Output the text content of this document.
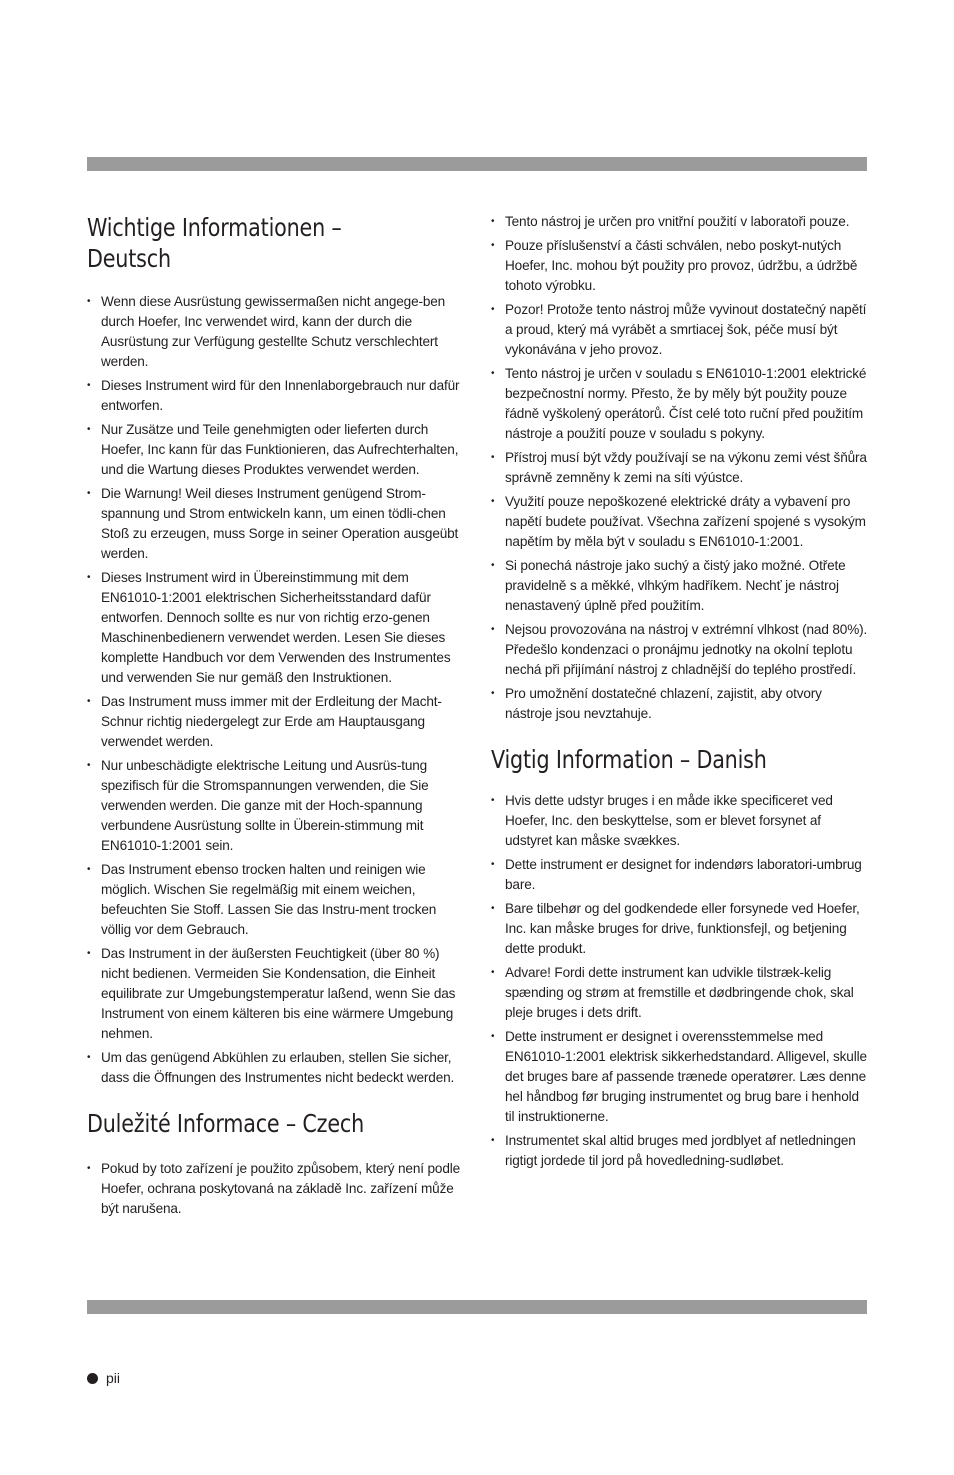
Wichtige Informationen –
Deutsch
• Wenn diese Ausrüstung gewissermaßen nicht angege-ben durch Hoefer, Inc verwendet wird, kann der durch die Ausrüstung zur Verfügung gestellte Schutz verschlechtert werden.
• Dieses Instrument wird für den Innenlaborgebrauch nur dafür entworfen.
• Nur Zusätze und Teile genehmigten oder lieferten durch Hoefer, Inc kann für das Funktionieren, das Aufrechterhalten, und die Wartung dieses Produktes verwendet werden.
• Die Warnung! Weil dieses Instrument genügend Strom-spannung und Strom entwickeln kann, um einen tödli-chen Stoß zu erzeugen, muss Sorge in seiner Operation ausgeübt werden.
• Dieses Instrument wird in Übereinstimmung mit dem EN61010-1:2001 elektrischen Sicherheitsstandard dafür entworfen. Dennoch sollte es nur von richtig erzo-genen Maschinenbedienern verwendet werden. Lesen Sie dieses komplette Handbuch vor dem Verwenden des Instrumentes und verwenden Sie nur gemäß den Instruktionen.
• Das Instrument muss immer mit der Erdleitung der Macht-Schnur richtig niedergelegt zur Erde am Hauptausgang verwendet werden.
• Nur unbeschädigte elektrische Leitung und Ausrüs-tung spezifisch für die Stromspannungen verwenden, die Sie verwenden werden. Die ganze mit der Hoch-spannung verbundene Ausrüstung sollte in Überein-stimmung mit EN61010-1:2001 sein.
• Das Instrument ebenso trocken halten und reinigen wie möglich. Wischen Sie regelmäßig mit einem weichen, befeuchten Sie Stoff. Lassen Sie das Instru-ment trocken völlig vor dem Gebrauch.
• Das Instrument in der äußersten Feuchtigkeit (über 80 %) nicht bedienen. Vermeiden Sie Kondensation, die Einheit equilibrate zur Umgebungstemperatur laßend, wenn Sie das Instrument von einem kälteren bis eine wärmere Umgebung nehmen.
• Um das genügend Abkühlen zu erlauben, stellen Sie sicher, dass die Öffnungen des Instrumentes nicht bedeckt werden.
Duležité Informace – Czech
• Pokud by toto zařízení je použito způsobem, který není podle Hoefer, ochrana poskytovaná na základě Inc. zařízení může být narušena.
• Tento nástroj je určen pro vnitřní použití v laboratoři pouze.
• Pouze příslušenství a části schválen, nebo poskyt-nutých Hoefer, Inc. mohou být použity pro provoz, údržbu, a údržbě tohoto výrobku.
• Pozor! Protože tento nástroj může vyvinout dostatečný napětí a proud, který má vyrábět a smrtiacej šok, péče musí být vykonávána v jeho provoz.
• Tento nástroj je určen v souladu s EN61010-1:2001 elektrické bezpečnostní normy. Přesto, že by měly být použity pouze řádně vyškolený operátorů. Číst celé toto ruční před použitím nástroje a použití pouze v souladu s pokyny.
• Přístroj musí být vždy používají se na výkonu zemi vést šňůra správně zemněny k zemi na síti výústce.
• Využití pouze nepoškozené elektrické dráty a vybavení pro napětí budete používat. Všechna zařízení spojené s vysokým napětím by měla být v souladu s EN61010-1:2001.
• Si ponechá nástroje jako suchý a čistý jako možné. Otřete pravidelně s a měkké, vlhkým hadříkem. Nechť je nástroj nenastavený úplně před použitím.
• Nejsou provozována na nástroj v extrémní vlhkost (nad 80%). Předešlo kondenzaci o pronájmu jednotky na okolní teplotu nechá při přijímání nástroj z chladnější do teplého prostředí.
• Pro umožnění dostatečné chlazení, zajistit, aby otvory nástroje jsou nevztahuje.
Vigtig Information – Danish
• Hvis dette udstyr bruges i en måde ikke specificeret ved Hoefer, Inc. den beskyttelse, som er blevet forsynet af udstyret kan måske svækkes.
• Dette instrument er designet for indendørs laboratori-umbrug bare.
• Bare tilbehør og del godkendede eller forsynede ved Hoefer, Inc. kan måske bruges for drive, funktionsfejl, og betjening dette produkt.
• Advare! Fordi dette instrument kan udvikle tilstræk-kelig spænding og strøm at fremstille et dødbringende chok, skal pleje bruges i dets drift.
• Dette instrument er designet i overensstemmelse med EN61010-1:2001 elektrisk sikkerhedstandard. Alligevel, skulle det bruges bare af passende trænede operatører. Læs denne hel håndbog før bruging instrumentet og brug bare i henhold til instruktionerne.
• Instrumentet skal altid bruges med jordblyet af netledningen rigtigt jordede til jord på hovedledning-sudløbet.
pii
